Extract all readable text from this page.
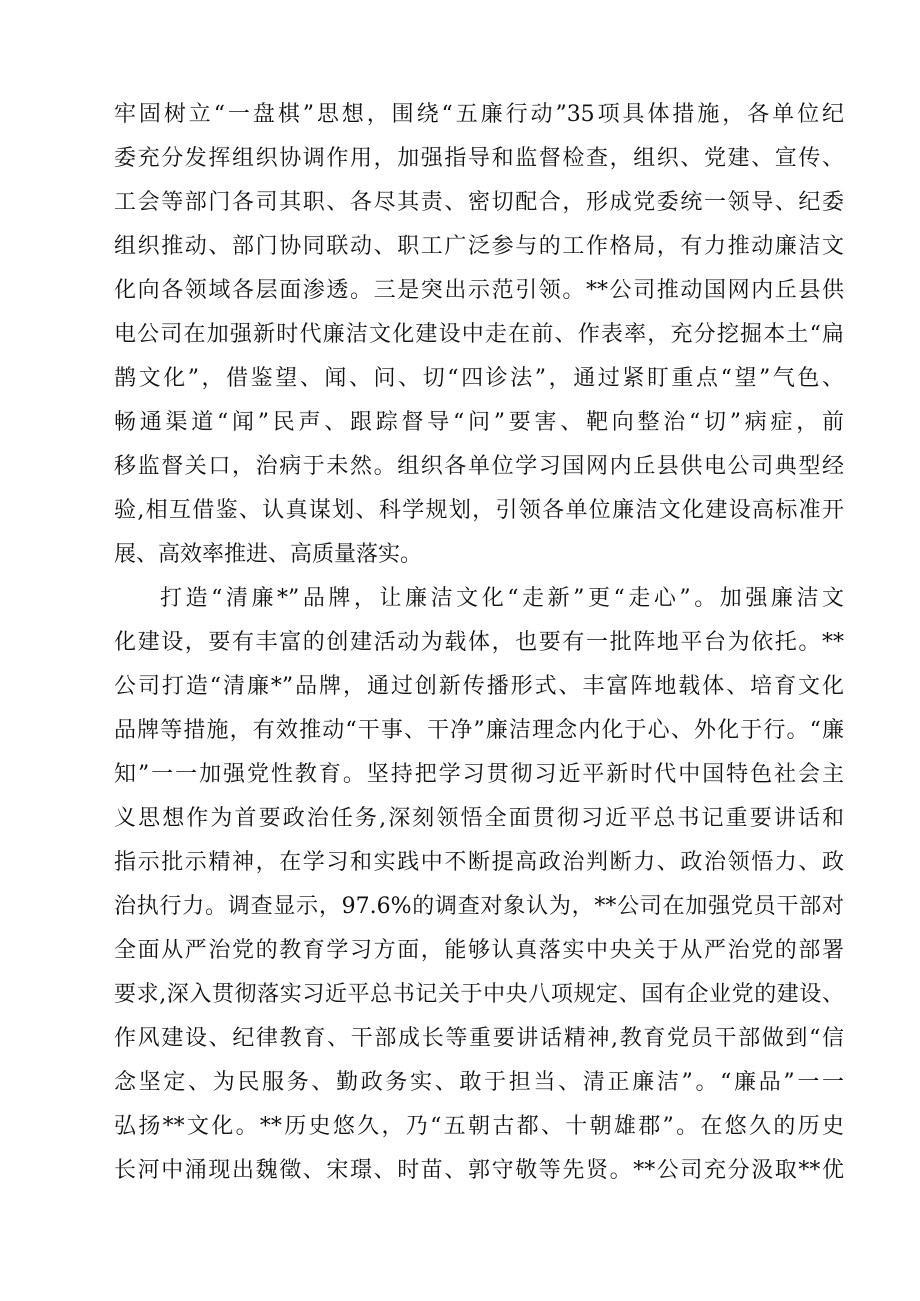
牢固树立“一盘棋”思想，围绕“五廉行动”35项具体措施，各单位纪
委充分发挥组织协调作用，加强指导和监督检查，组织、党建、宣传、
工会等部门各司其职、各尽其责、密切配合，形成党委统一领导、纪委
组织推动、部门协同联动、职工广泛参与的工作格局，有力推动廉洁文
化向各领域各层面渗透。三是突出示范引领。**公司推动国网内丘县供
电公司在加强新时代廉洁文化建设中走在前、作表率，充分挖掘本土“扁
鹊文化”，借鉴望、闻、问、切“四诊法”，通过紧盯重点“望”气色、
畅通渠道“闻”民声、跟踪督导“问”要害、靶向整治“切”病症，前
移监督关口，治病于未然。组织各单位学习国网内丘县供电公司典型经
验,相互借鉴、认真谋划、科学规划，引领各单位廉洁文化建设高标准开
展、高效率推进、高质量落实。
打造“清廉*”品牌，让廉洁文化“走新”更“走心”。加强廉洁文
化建设，要有丰富的创建活动为载体，也要有一批阵地平台为依托。**
公司打造“清廉*”品牌，通过创新传播形式、丰富阵地载体、培育文化
品牌等措施，有效推动“干事、干净”廉洁理念内化于心、外化于行。“廉
知”一一加强党性教育。坚持把学习贯彻习近平新时代中国特色社会主
义思想作为首要政治任务,深刻领悟全面贯彻习近平总书记重要讲话和
指示批示精神，在学习和实践中不断提高政治判断力、政治领悟力、政
治执行力。调查显示，97.6%的调查对象认为，**公司在加强党员干部对
全面从严治党的教育学习方面，能够认真落实中央关于从严治党的部署
要求,深入贯彻落实习近平总书记关于中央八项规定、国有企业党的建设、
作风建设、纪律教育、干部成长等重要讲话精神,教育党员干部做到“信
念坚定、为民服务、勤政务实、敢于担当、清正廉洁”。“廉品”一一
弘扬**文化。**历史悠久，乃“五朝古都、十朝雄郡”。在悠久的历史
长河中涌现出魏徵、宋璟、时苗、郭守敬等先贤。**公司充分汲取**优
